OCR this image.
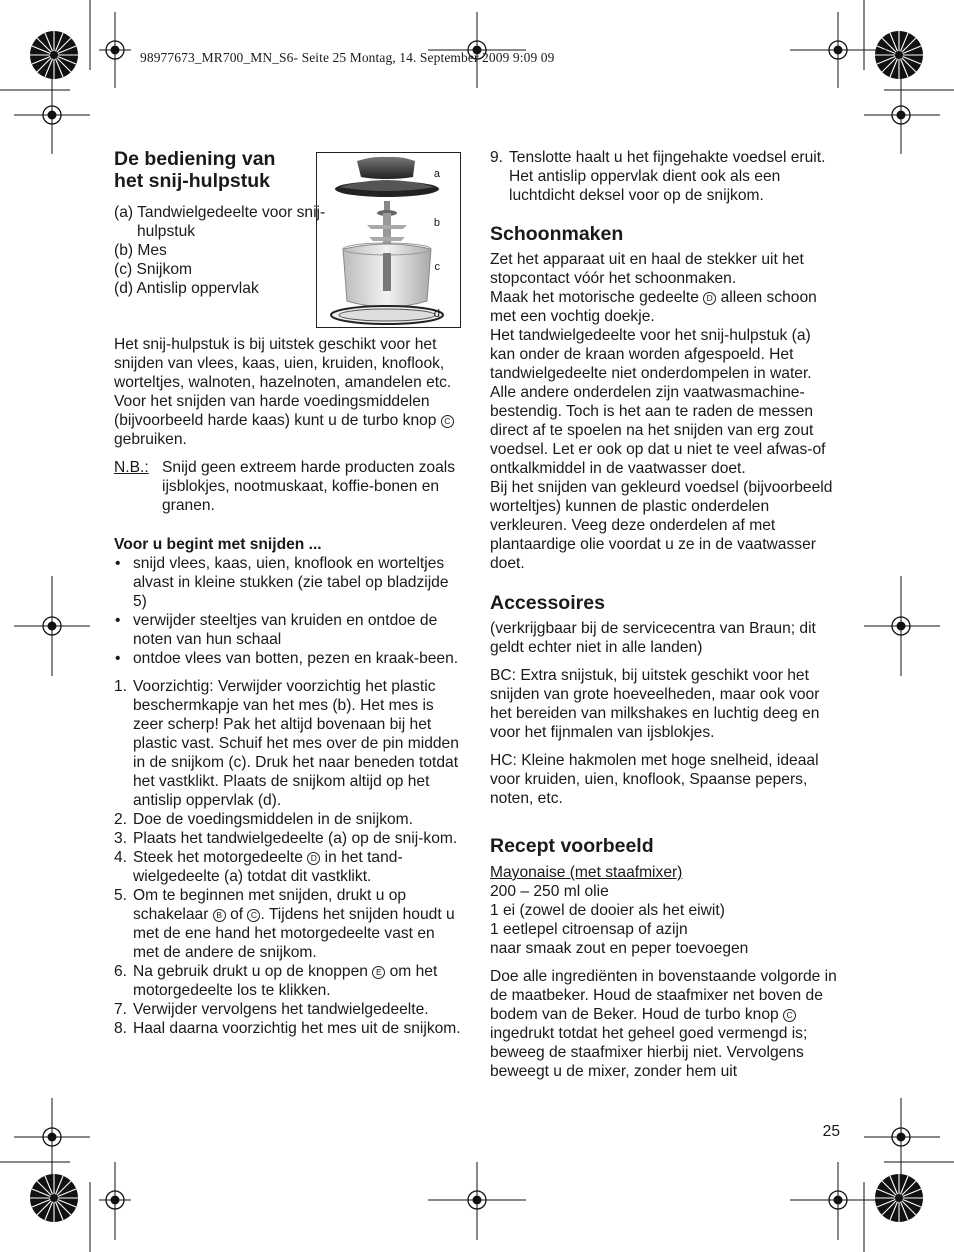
98977673_MR700_MN_S6- Seite 25 Montag, 14. September 2009 9:09 09
a
b
c
d
De bediening van het snij-hulpstuk

(a) Tandwielgedeelte voor snij-hulpstuk

(b) Mes

(c) Snijkom

(d) Antislip oppervlak

Het snij-hulpstuk is bij uitstek geschikt voor het snijden van vlees, kaas, uien, kruiden, knoflook, worteltjes, walnoten, hazelnoten, amandelen etc.

Voor het snijden van harde voedingsmiddelen (bijvoorbeeld harde kaas) kunt u de turbo knop C gebruiken.

N.B.: Snijd geen extreem harde producten zoals ijsblokjes, nootmuskaat, koffie-bonen en granen.

Voor u begint met snijden ...

• snijd vlees, kaas, uien, knoflook en worteltjes alvast in kleine stukken (zie tabel op bladzijde 5)
• verwijder steeltjes van kruiden en ontdoe de noten van hun schaal
• ontdoe vlees van botten, pezen en kraak-been.
1. Voorzichtig: Verwijder voorzichtig het plastic beschermkapje van het mes (b). Het mes is zeer scherp! Pak het altijd bovenaan bij het plastic vast. Schuif het mes over de pin midden in de snijkom (c). Druk het naar beneden totdat het vastklikt. Plaats de snijkom altijd op het antislip oppervlak (d).
2. Doe de voedingsmiddelen in de snijkom.
3. Plaats het tandwielgedeelte (a) op de snij-kom.
4. Steek het motorgedeelte D in het tand-wielgedeelte (a) totdat dit vastklikt.
5. Om te beginnen met snijden, drukt u op schakelaar B of C . Tijdens het snijden houdt u met de ene hand het motorgedeelte vast en met de andere de snijkom.
6. Na gebruik drukt u op de knoppen E om het motorgedeelte los te klikken.
7. Verwijder vervolgens het tandwielgedeelte.
8. Haal daarna voorzichtig het mes uit de snijkom.
9. Tenslotte haalt u het fijngehakte voedsel eruit. Het antislip oppervlak dient ook als een luchtdicht deksel voor op de snijkom.
Schoonmaken

Zet het apparaat uit en haal de stekker uit het stopcontact vóór het schoonmaken.

Maak het motorische gedeelte D alleen schoon met een vochtig doekje.

Het tandwielgedeelte voor het snij-hulpstuk (a) kan onder de kraan worden afgespoeld. Het tandwielgedeelte niet onderdompelen in water. Alle andere onderdelen zijn vaatwasmachine-bestendig. Toch is het aan te raden de messen direct af te spoelen na het snijden van erg zout voedsel. Let er ook op dat u niet te veel afwas-of ontkalkmiddel in de vaatwasser doet.

Bij het snijden van gekleurd voedsel (bijvoorbeeld worteltjes) kunnen de plastic onderdelen verkleuren. Veeg deze onderdelen af met plantaardige olie voordat u ze in de vaatwasser doet.

Accessoires

(verkrijgbaar bij de servicecentra van Braun; dit geldt echter niet in alle landen)

BC: Extra snijstuk, bij uitstek geschikt voor het snijden van grote hoeveelheden, maar ook voor het bereiden van milkshakes en luchtig deeg en voor het fijnmalen van ijsblokjes.

HC: Kleine hakmolen met hoge snelheid, ideaal voor kruiden, uien, knoflook, Spaanse pepers, noten, etc.

Recept voorbeeld

Mayonaise (met staafmixer)

200 – 250 ml olie

1 ei (zowel de dooier als het eiwit)

1 eetlepel citroensap of azijn

naar smaak zout en peper toevoegen

Doe alle ingrediënten in bovenstaande volgorde in de maatbeker. Houd de staafmixer net boven de bodem van de Beker. Houd de turbo knop C ingedrukt totdat het geheel goed vermengd is; beweeg de staafmixer hierbij niet. Vervolgens beweegt u de mixer, zonder hem uit

25
